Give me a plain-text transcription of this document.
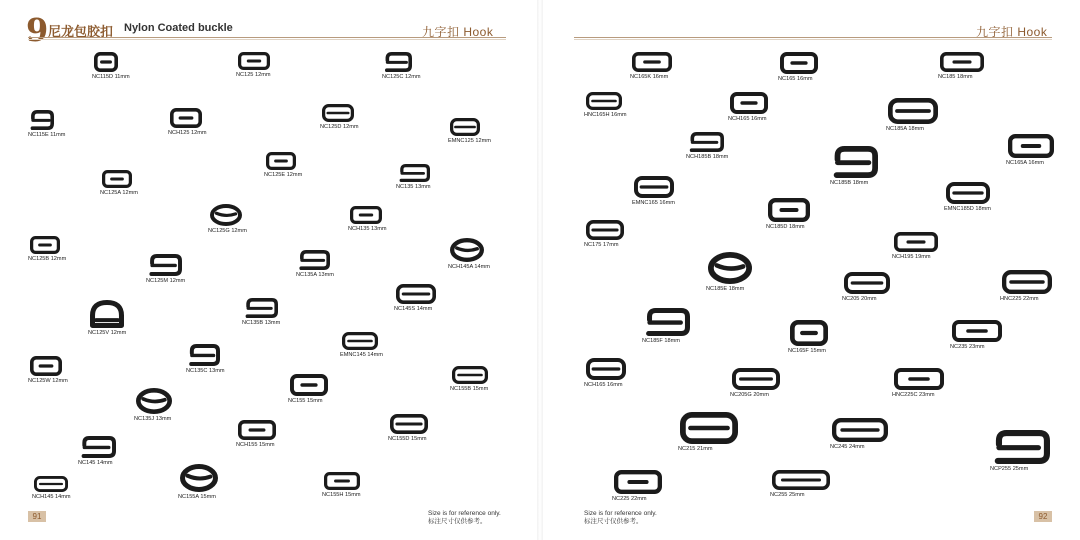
9 尼龙包胶扣 Nylon Coated buckle	九字扣 Hook
NC115D 11mm	NC125 12mm	NC125C 12mm
NC115E 11mm	NCH125 12mm
NC125D 12mm
EMNC125 12mm
NC125E 12mm
NC135 13mm
NC125A 12mm
NC125G 12mm	NCH135 13mm
NC125B 12mm
NC125M 12mm
NC135A 13mm
NCH145A 14mm
NC135B 13mm
NC145S 14mm
NC125V 12mm
EMNC145 14mm
NC125W 12mm
NC135C 13mm
NC155 15mm
NC155B 15mm
NC135J 13mm
NCH155 15mm
NC155D 15mm
NC145 14mm
NCH145 14mm	NC155A 15mm	NC155H 15mm
91	Size is for reference only.
标注尺寸仅供参考。
九字扣 Hook
NC165K 16mm	NC165 16mm	NC185 18mm
HNC165H 16mm
NCH165 16mm
NC185A 18mm
NC165A 16mm
NCH185B 18mm
NC185B 18mm
EMNC165 16mm
EMNC185D 18mm
NC185D 18mm
NC175 17mm
NCH195 19mm
NC185E 18mm
NC205 20mm	HNC225 22mm
NC185F 18mm
NC165F 15mm
NC235 23mm
NCH165 16mm
NC205G 20mm	HNC225C 23mm
NC215 21mm	NC245 24mm
NCP255 25mm
NC225 22mm
NC255 25mm
Size is for reference only.
标注尺寸仅供参考。
92
